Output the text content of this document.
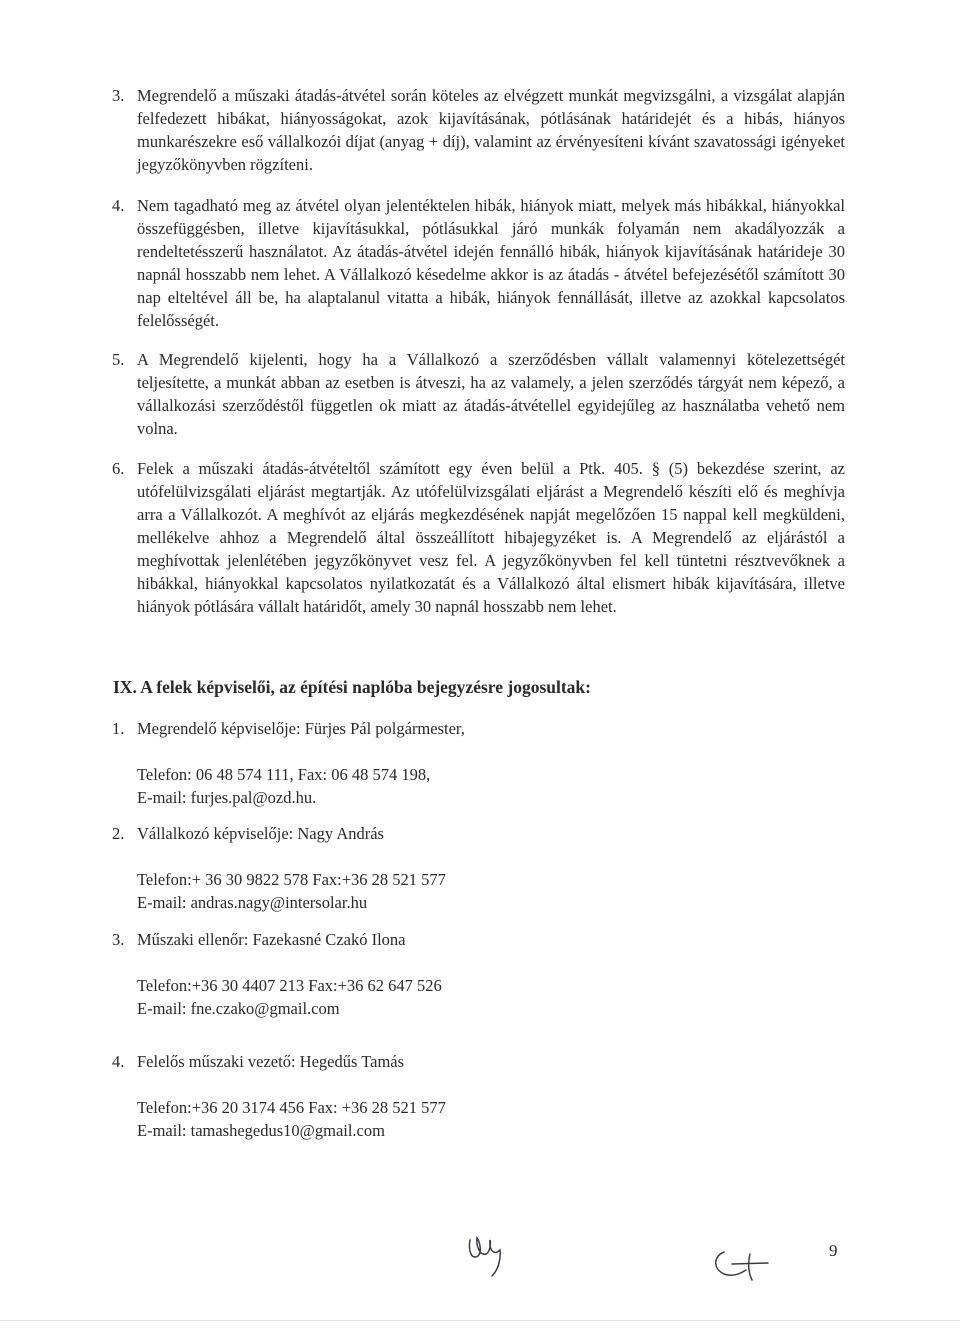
3. Megrendelő a műszaki átadás-átvétel során köteles az elvégzett munkát megvizsgálni, a vizsgálat alapján felfedezett hibákat, hiányosságokat, azok kijavításának, pótlásának határidejét és a hibás, hiányos munkarészekre eső vállalkozói díjat (anyag + díj), valamint az érvényesíteni kívánt szavatossági igényeket jegyzőkönyvben rögzíteni.
4. Nem tagadható meg az átvétel olyan jelentéktelen hibák, hiányok miatt, melyek más hibákkal, hiányokkal összefüggésben, illetve kijavításukkal, pótlásukkal járó munkák folyamán nem akadályozzák a rendeltetésszerű használatot. Az átadás-átvétel idején fennálló hibák, hiányok kijavításának határideje 30 napnál hosszabb nem lehet. A Vállalkozó késedelme akkor is az átadás - átvétel befejezésétől számított 30 nap elteltével áll be, ha alaptalanul vitatta a hibák, hiányok fennállását, illetve az azokkal kapcsolatos felelősségét.
5. A Megrendelő kijelenti, hogy ha a Vállalkozó a szerződésben vállalt valamennyi kötelezettségét teljesítette, a munkát abban az esetben is átveszi, ha az valamely, a jelen szerződés tárgyát nem képező, a vállalkozási szerződéstől független ok miatt az átadás-átvétellel egyidejűleg az használatba vehető nem volna.
6. Felek a műszaki átadás-átvételtől számított egy éven belül a Ptk. 405. § (5) bekezdése szerint, az utófelülvizsgálati eljárást megtartják. Az utófelülvizsgálati eljárást a Megrendelő készíti elő és meghívja arra a Vállalkozót. A meghívót az eljárás megkezdésének napját megelőzően 15 nappal kell megküldeni, mellékelve ahhoz a Megrendelő által összeállított hibajegyzéket is. A Megrendelő az eljárástól a meghívottak jelenlétében jegyzőkönyvet vesz fel. A jegyzőkönyvben fel kell tüntetni résztvevőknek a hibákkal, hiányokkal kapcsolatos nyilatkozatát és a Vállalkozó által elismert hibák kijavítására, illetve hiányok pótlására vállalt határidőt, amely 30 napnál hosszabb nem lehet.
IX. A felek képviselői, az építési naplóba bejegyzésre jogosultak:
1. Megrendelő képviselője: Fürjes Pál polgármester,
Telefon: 06 48 574 111, Fax: 06 48 574 198,
E-mail: furjes.pal@ozd.hu.
2. Vállalkozó képviselője: Nagy András
Telefon:+ 36 30 9822 578 Fax:+36 28 521 577
E-mail: andras.nagy@intersolar.hu
3. Műszaki ellenőr: Fazekasné Czakó Ilona
Telefon:+36 30 4407 213 Fax:+36 62 647 526
E-mail: fne.czako@gmail.com
4. Felelős műszaki vezető: Hegedűs Tamás
Telefon:+36 20 3174 456 Fax: +36 28 521 577
E-mail: tamashegedus10@gmail.com
9
